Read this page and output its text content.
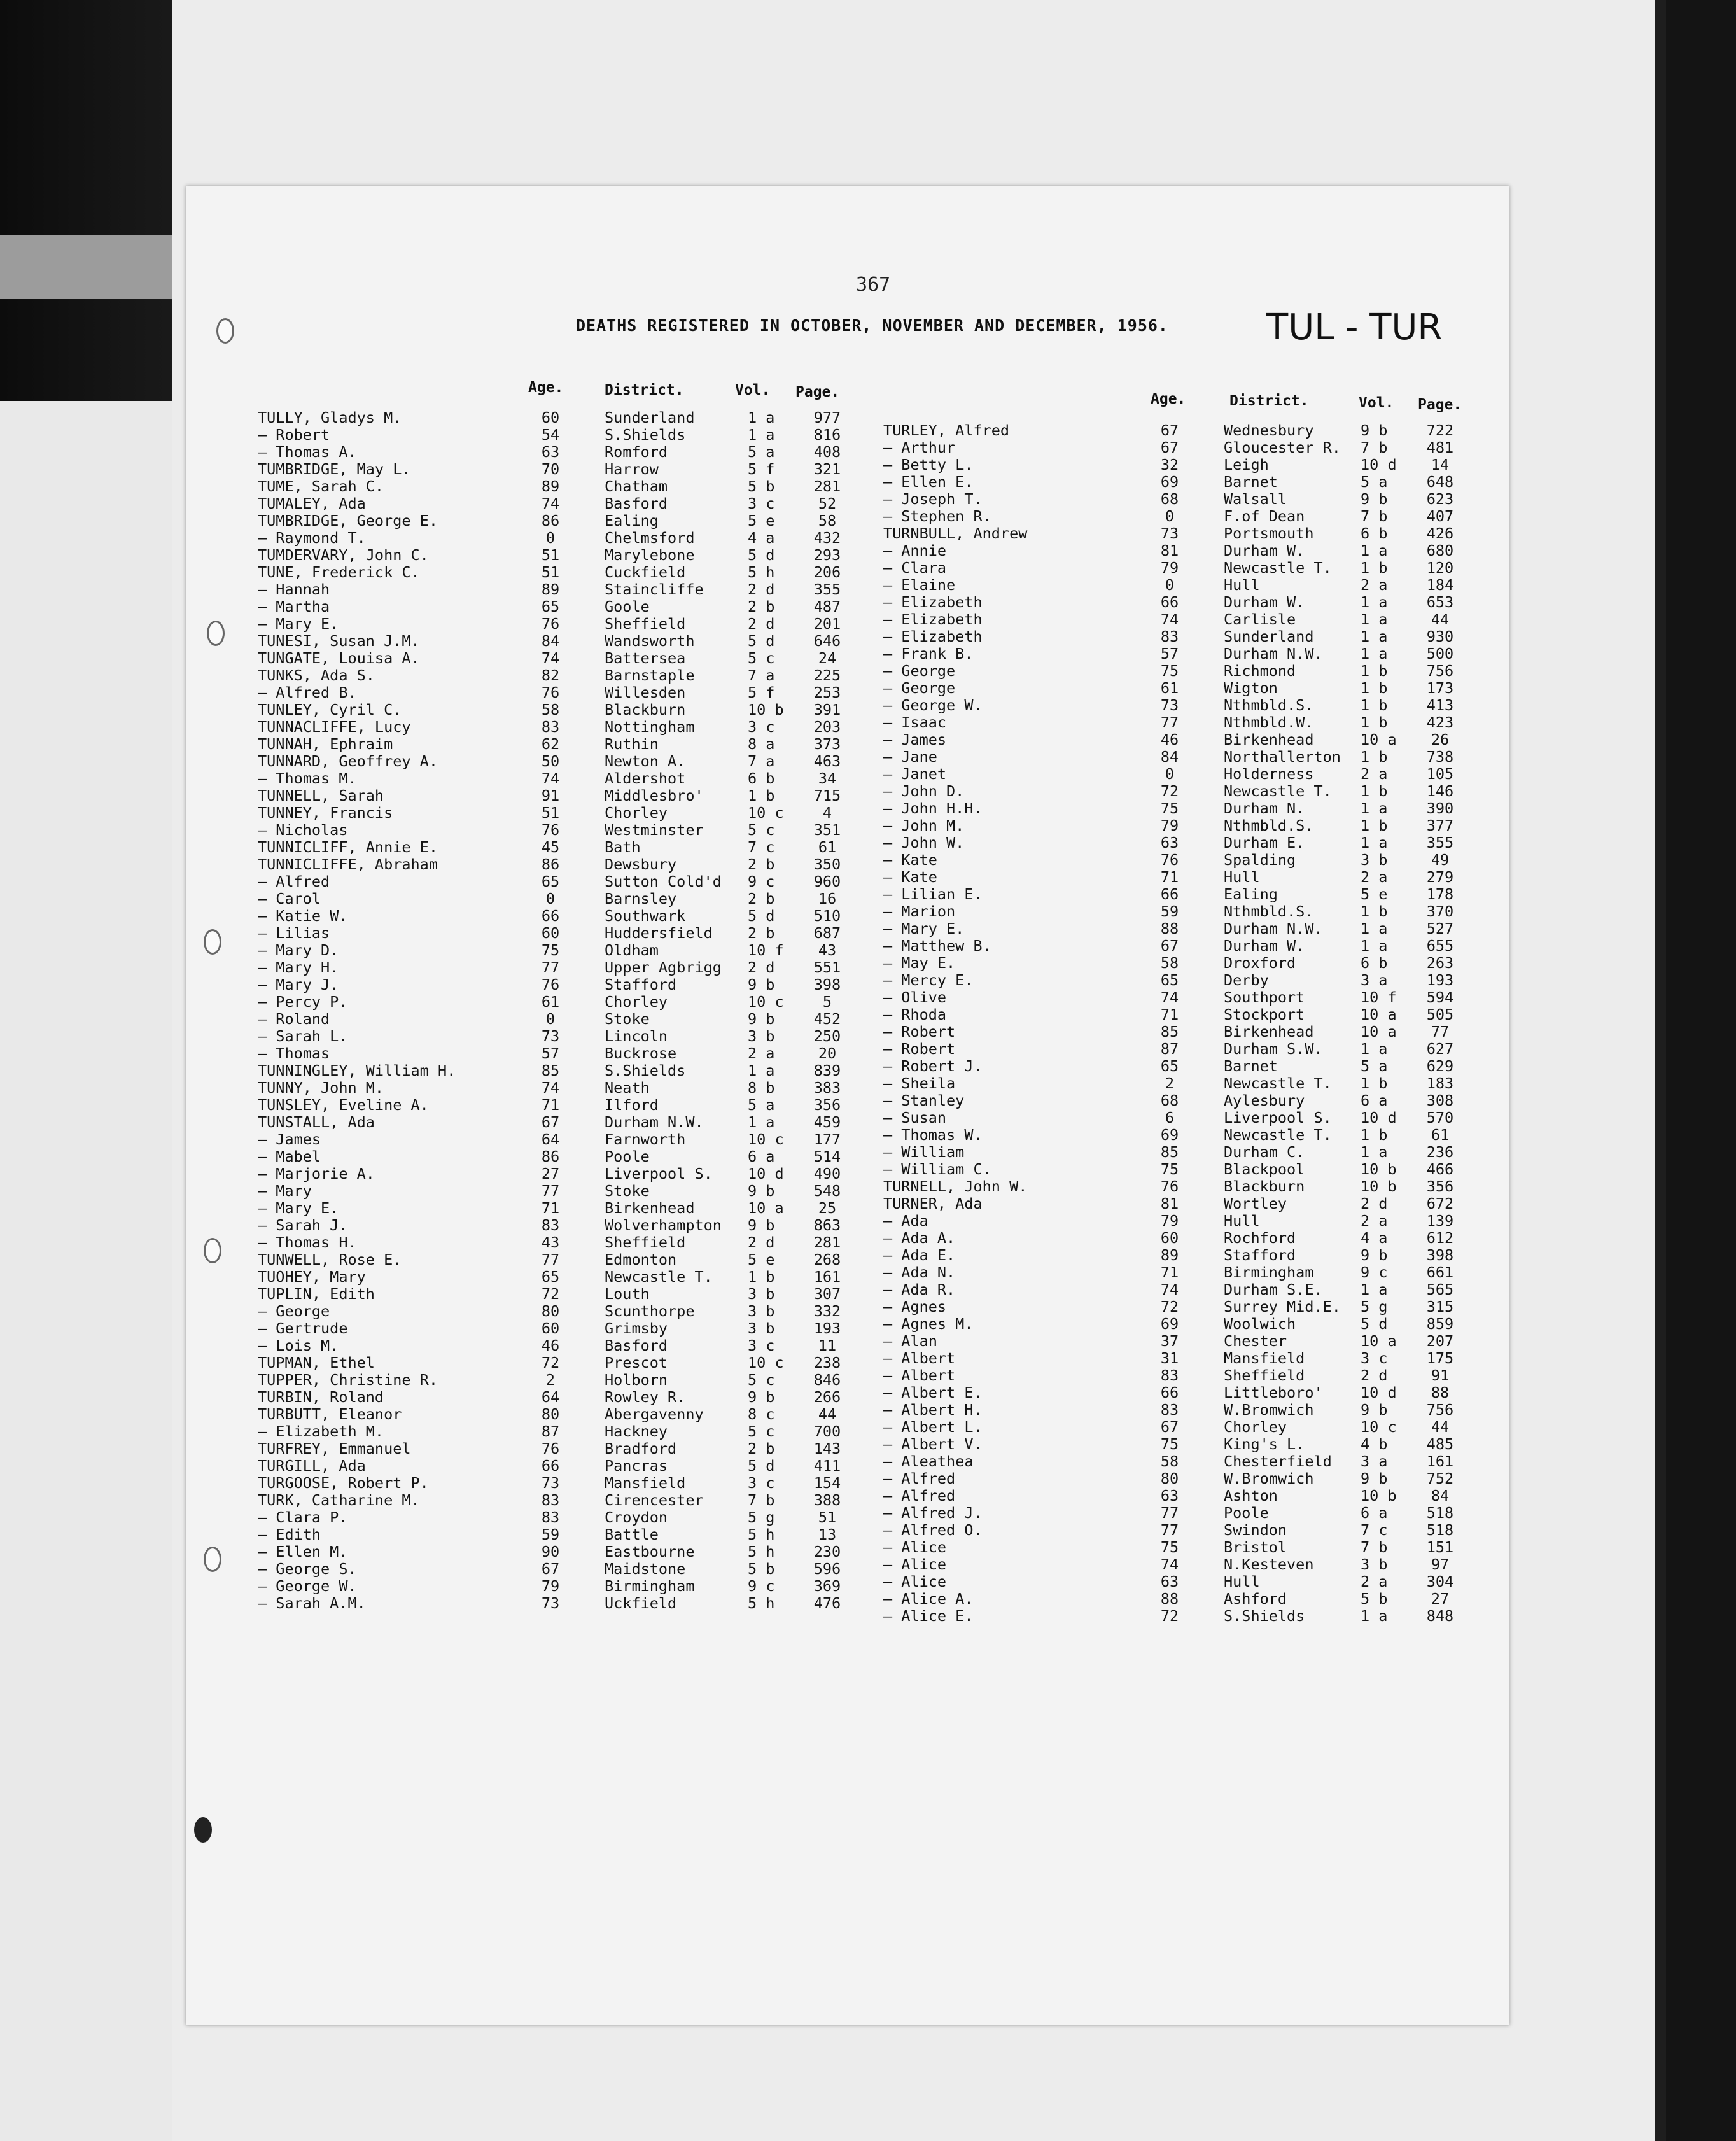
367
DEATHS REGISTERED IN OCTOBER, NOVEMBER AND DECEMBER, 1956.	TUL - TUR
Age.	District.	Vol. Page.	Age.	District.	Vol. Page.
TULLY, Gladys M.	60	Sunderland	1 a	977
— Robert	54	S.Shields	1 a	816
— Thomas A.	63	Romford	5 a	408
TUMBRIDGE, May L.	70	Harrow	5 f	321
TUME, Sarah C.	89	Chatham	5 b	281
TUMALEY, Ada	74	Basford	3 c	52
TUMBRIDGE, George E.	86	Ealing	5 e	58
— Raymond T.	0	Chelmsford	4 a	432
TUMDERVARY, John C.	51	Marylebone	5 d	293
TUNE, Frederick C.	51	Cuckfield	5 h	206
— Hannah	89	Staincliffe	2 d	355
— Martha	65	Goole	2 b	487
— Mary E.	76	Sheffield	2 d	201
TUNESI, Susan J.M.	84	Wandsworth	5 d	646
TUNGATE, Louisa A.	74	Battersea	5 c	24
TUNKS, Ada S.	82	Barnstaple	7 a	225
— Alfred B.	76	Willesden	5 f	253
TUNLEY, Cyril C.	58	Blackburn	10 b	391
TUNNACLIFFE, Lucy	83	Nottingham	3 c	203
TUNNAH, Ephraim	62	Ruthin	8 a	373
TUNNARD, Geoffrey A.	50	Newton A.	7 a	463
— Thomas M.	74	Aldershot	6 b	34
TUNNELL, Sarah	91	Middlesbro'	1 b	715
TUNNEY, Francis	51	Chorley	10 c	4
— Nicholas	76	Westminster	5 c	351
TUNNICLIFF, Annie E.	45	Bath	7 c	61
TUNNICLIFFE, Abraham	86	Dewsbury	2 b	350
— Alfred	65	Sutton Cold'd 9 c	960
— Carol	0	Barnsley	2 b	16
— Katie W.	66	Southwark	5 d	510
— Lilias	60	Huddersfield 2 b	687
— Mary D.	75	Oldham	10 f	43
— Mary H.	77	Upper Agbrigg 2 d	551
— Mary J.	76	Stafford	9 b	398
— Percy P.	61	Chorley	10 c	5
— Roland	0	Stoke	9 b	452
— Sarah L.	73	Lincoln	3 b	250
— Thomas	57	Buckrose	2 a	20
TUNNINGLEY, William H.	85	S.Shields	1 a	839
TUNNY, John M.	74	Neath	8 b	383
TUNSLEY, Eveline A.	71	Ilford	5 a	356
TUNSTALL, Ada	67	Durham N.W.	1 a	459
— James	64	Farnworth	10 c	177
— Mabel	86	Poole	6 a	514
— Marjorie A.	27	Liverpool S. 10 d	490
— Mary	77	Stoke	9 b	548
— Mary E.	71	Birkenhead	10 a	25
— Sarah J.	83	Wolverhampton 9 b	863
— Thomas H.	43	Sheffield	2 d	281
TUNWELL, Rose E.	77	Edmonton	5 e	268
TUOHEY, Mary	65	Newcastle T. 1 b	161
TUPLIN, Edith	72	Louth	3 b	307
— George	80	Scunthorpe	3 b	332
— Gertrude	60	Grimsby	3 b	193
— Lois M.	46	Basford	3 c	11
TUPMAN, Ethel	72	Prescot	10 c	238
TUPPER, Christine R.	2	Holborn	5 c	846
TURBIN, Roland	64	Rowley R.	9 b	266
TURBUTT, Eleanor	80	Abergavenny	8 c	44
— Elizabeth M.	87	Hackney	5 c	700
TURFREY, Emmanuel	76	Bradford	2 b	143
TURGILL, Ada	66	Pancras	5 d	411
TURGOOSE, Robert P.	73	Mansfield	3 c	154
TURK, Catharine M.	83	Cirencester	7 b	388
— Clara P.	83	Croydon	5 g	51
— Edith	59	Battle	5 h	13
— Ellen M.	90	Eastbourne	5 h	230
— George S.	67	Maidstone	5 b	596
— George W.	79	Birmingham	9 c	369
— Sarah A.M.	73	Uckfield	5 h	476
TURLEY, Alfred	67	Wednesbury	9 b	722
— Arthur	67	Gloucester R. 7 b	481
— Betty L.	32	Leigh	10 d	14
— Ellen E.	69	Barnet	5 a	648
— Joseph T.	68	Walsall	9 b	623
— Stephen R.	0	F.of Dean	7 b	407
TURNBULL, Andrew	73	Portsmouth	6 b	426
— Annie	81	Durham W.	1 a	680
— Clara	79	Newcastle T. 1 b	120
— Elaine	0	Hull	2 a	184
— Elizabeth	66	Durham W.	1 a	653
— Elizabeth	74	Carlisle	1 a	44
— Elizabeth	83	Sunderland	1 a	930
— Frank B.	57	Durham N.W.	1 a	500
— George	75	Richmond	1 b	756
— George	61	Wigton	1 b	173
— George W.	73	Nthmbld.S.	1 b	413
— Isaac	77	Nthmbld.W.	1 b	423
— James	46	Birkenhead	10 a	26
— Jane	84	Northallerton 1 b	738
— Janet	0	Holderness	2 a	105
— John D.	72	Newcastle T. 1 b	146
— John H.H.	75	Durham N.	1 a	390
— John M.	79	Nthmbld.S.	1 b	377
— John W.	63	Durham E.	1 a	355
— Kate	76	Spalding	3 b	49
— Kate	71	Hull	2 a	279
— Lilian E.	66	Ealing	5 e	178
— Marion	59	Nthmbld.S.	1 b	370
— Mary E.	88	Durham N.W.	1 a	527
— Matthew B.	67	Durham W.	1 a	655
— May E.	58	Droxford	6 b	263
— Mercy E.	65	Derby	3 a	193
— Olive	74	Southport	10 f	594
— Rhoda	71	Stockport	10 a	505
— Robert	85	Birkenhead	10 a	77
— Robert	87	Durham S.W.	1 a	627
— Robert J.	65	Barnet	5 a	629
— Sheila	2	Newcastle T. 1 b	183
— Stanley	68	Aylesbury	6 a	308
— Susan	6	Liverpool S. 10 d	570
— Thomas W.	69	Newcastle T. 1 b	61
— William	85	Durham C.	1 a	236
— William C.	75	Blackpool	10 b	466
TURNELL, John W.	76	Blackburn	10 b	356
TURNER, Ada	81	Wortley	2 d	672
— Ada	79	Hull	2 a	139
— Ada A.	60	Rochford	4 a	612
— Ada E.	89	Stafford	9 b	398
— Ada N.	71	Birmingham	9 c	661
— Ada R.	74	Durham S.E.	1 a	565
— Agnes	72	Surrey Mid.E. 5 g	315
— Agnes M.	69	Woolwich	5 d	859
— Alan	37	Chester	10 a	207
— Albert	31	Mansfield	3 c	175
— Albert	83	Sheffield	2 d	91
— Albert E.	66	Littleboro'	10 d	88
— Albert H.	83	W.Bromwich	9 b	756
— Albert L.	67	Chorley	10 c	44
— Albert V.	75	King's L.	4 b	485
— Aleathea	58	Chesterfield 3 a	161
— Alfred	80	W.Bromwich	9 b	752
— Alfred	63	Ashton	10 b	84
— Alfred J.	77	Poole	6 a	518
— Alfred O.	77	Swindon	7 c	518
— Alice	75	Bristol	7 b	151
— Alice	74	N.Kesteven	3 b	97
— Alice	63	Hull	2 a	304
— Alice A.	88	Ashford	5 b	27
— Alice E.	72	S.Shields	1 a	848
